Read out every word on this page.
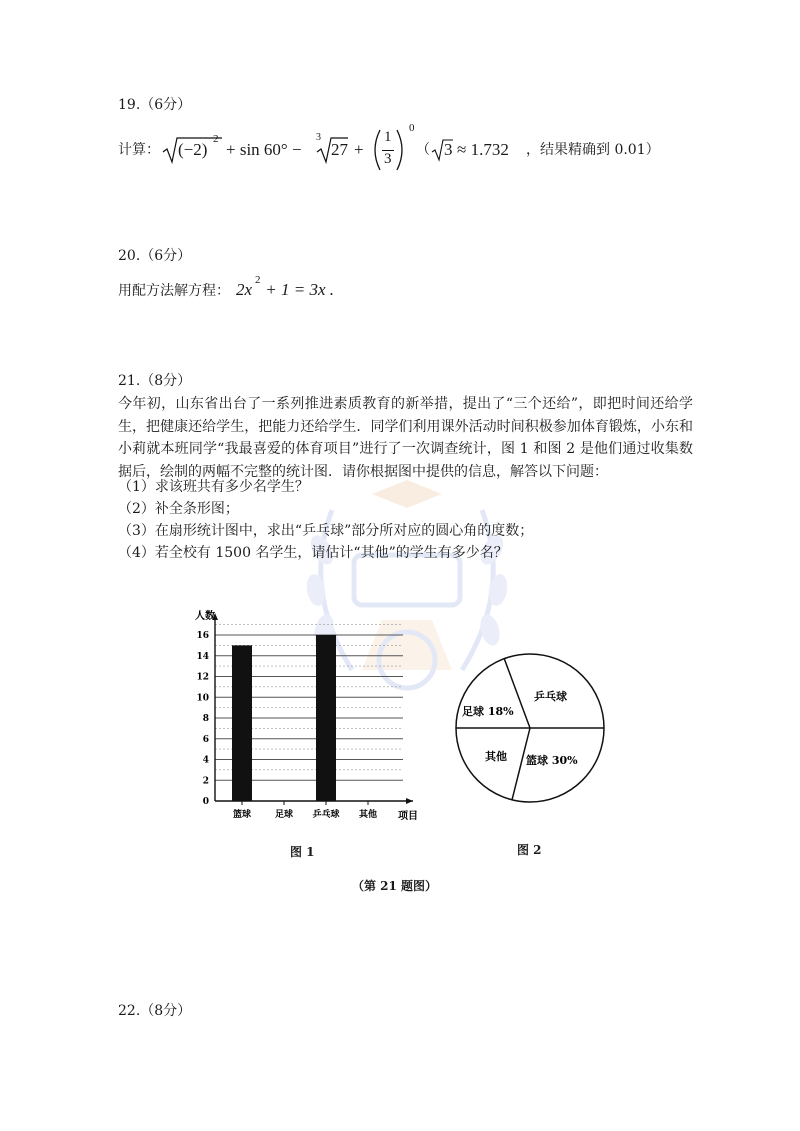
19.（6分）
计算： (−2)
2
+ sin 60° −
3
27 +
1
3
0
（ 3 ≈ 1.732 ，结果精确到 0.01）
20.（6分）
用配方法解方程： 2x 2 + 1 = 3x .
21.（8分）
今年初，山东省出台了一系列推进素质教育的新举措，提出了“三个还给”，即把时间还给学生，把健康还给学生，把能力还给学生．同学们利用课外活动时间积极参加体育锻炼，小东和小莉就本班同学“我最喜爱的体育项目”进行了一次调查统计，图 1 和图 2 是他们通过收集数据后，绘制的两幅不完整的统计图．请你根据图中提供的信息，解答以下问题：
（1）求该班共有多少名学生？
（2）补全条形图；
（3）在扇形统计图中，求出“乒乓球”部分所对应的圆心角的度数；
（4）若全校有 1500 名学生，请估计“其他”的学生有多少名？
0
2
4
6
8
10
12
14
16
篮球	足球 乒乓球 其他
人数
项目
图 1
乒乓球
篮球 30%
其他
足球 18%
图 2
（第 21 题图）
22.（8分）
